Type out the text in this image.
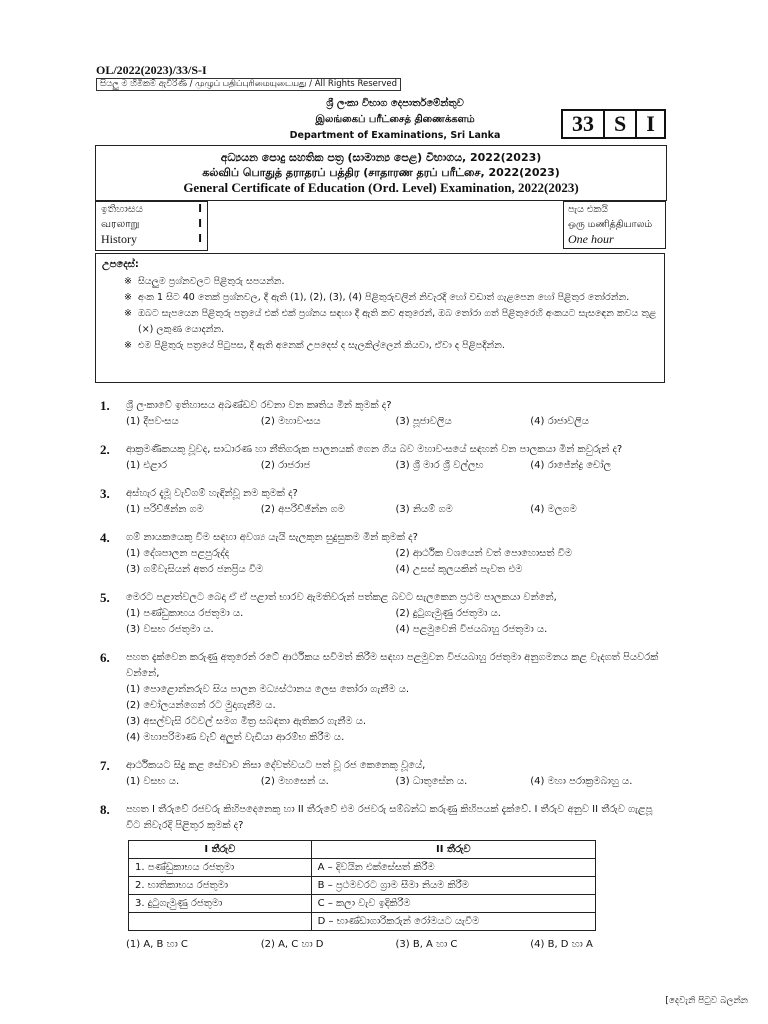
OL/2022(2023)/33/S-I
සියලු ම හිමිකම් ඇවිරිණි / முழுப் பதிப்புரிமையுடையது / All Rights Reserved
ශ්‍රී ලංකා විභාග දෙපාර්තමේන්තුව
இலங்கைப் பரீட்சைத் திணைக்களம்
Department of Examinations, Sri Lanka	33 S I
අධ්‍යයන පොදු සහතික පත්‍ර (සාමාන්‍ය පෙළ) විභාගය, 2022(2023)
கல்விப் பொதுத் தராதரப் பத்திர (சாதாரண தரப் பரீட்சை, 2022(2023)
General Certificate of Education (Ord. Level) Examination, 2022(2023)
ඉතිහාසය	I
வரலாறு	I
History	I
පැය එකයි
ஒரு மணித்தியாலம்
One hour
උපදෙස්:
※ සියලුම ප්‍රශ්නවලට පිළිතුරු සපයන්න.
※ අංක 1 සිට 40 තෙක් ප්‍රශ්නවල, දී ඇති (1), (2), (3), (4) පිළිතුරුවලින් නිවැරදි හෝ වඩාත් ගැළපෙන හෝ පිළිතුර තෝරන්න.
※ ඔබට සැපයෙන පිළිතුරු පත්‍රයේ එක් එක් ප්‍රශ්නය සඳහා දී ඇති කව අතුරෙන්, ඔබ තෝරා ගත් පිළිතුරෙහි අංකයට සැසඳෙන කවය තුළ (×) ලකුණ යොදන්න.
※ එම පිළිතුරු පත්‍රයේ පිටුපස, දී ඇති අනෙක් උපදෙස් ද සැලකිල්ලෙන් කියවා, ඒවා ද පිළිපදින්න.
1.	ශ්‍රී ලංකාවේ ඉතිහාසය අඛණ්ඩව රචනා වන කෘතිය මින් කුමක් ද?
(1) දීපවංසය	(2) මහාවංසය	(3) පූජාවලිය	(4) රාජාවලිය
2.	ආක්‍රමණිකයකු වූවද, සාධාරණ හා නීතිගරුක පාලනයක් ගෙන ගිය බව මහාවංසයේ සඳහන් වන පාලකයා මින් කවුරුන් ද?
(1) එළාර	(2) රාජරාජ	(3) ශ්‍රී මාර ශ්‍රී වල්ලභ	(4) රාජේන්ද්‍ර චෝල
3.	අස්හැර දැමූ වැව්ගම් හැඳින්වූ නම කුමක් ද?
(1) පරිච්ඡින්න ගම	(2) අපරිච්ඡින්න ගම	(3) නියම් ගම	(4) මලගම
4.	ගම් නායකයෙකු වීම සඳහා අවශ්‍ය යැයි සැලකුන සුදුසුකම මින් කුමක් ද?
(1) දේශපාලන පළපුරුද්ද	(2) ආර්ථික වශයෙන් වත් පොහොසත් වීම
(3) ගම්වැසියන් අතර ජනප්‍රිය වීම	(4) උසස් කුලයකින් පැවත එම
5.	මෙරට පළාත්වලට බෙදා ඒ ඒ පළාත් භාරව ඇමතිවරුන් පත්කළ බවට සැලකෙන ප්‍රථම පාලකයා වන්නේ,
(1) පණ්ඩුකාභය රජතුමා ය.	(2) දුටුගැමුණු රජතුමා ය.
(3) වසභ රජතුමා ය.	(4) පළමුවෙනි විජයබාහු රජතුමා ය.
6.	පහත දැක්වෙන කරුණු අතුරෙන් රටේ ආර්ථිකය සවිමත් කිරීම සඳහා පළමුවන විජයබාහු රජතුමා අනුගමනය කළ වැදගත් පියවරක් වන්නේ,
(1) පොළොන්නරුව සිය පාලන මධ්‍යස්ථානය ලෙස තෝරා ගැනීම ය.
(2) චෝලයන්ගෙන් රට මුදාගැනීම ය.
(3) අසල්වැසි රටවල් සමග මිත්‍ර සබඳතා ඇතිකර ගැනීම ය.
(4) මහාපරිමාණ වැව් අලුත් වැඩියා ආරම්භ කිරීම ය.
7.	ආර්ථිකයට සිදු කළ සේවාව නිසා දේවත්වයට පත් වූ රජ කෙනෙකු වූයේ,
(1) වසභ ය.	(2) මහසෙන් ය.	(3) ධාතුසේන ය.	(4) මහා පරාක්‍රමබාහු ය.
8.	පහත I තීරුවේ රජවරු කිහිපදෙනෙකු හා II තීරුවේ එම රජවරු සම්බන්ධ කරුණු කිහිපයක් දැක්වේ. I තීරුව අනුව II තීරුව ගැළපූ විට නිවැරදි පිළිතුර කුමක් ද?
I තීරුව	II තීරුව
1. පණ්ඩුකාභය රජතුමා	A – දිවයින එක්සේසත් කිරීම
2. භාතිකාභය රජතුමා	B – ප්‍රථමවරට ග්‍රාම සීමා නියම කිරීම
3. දුටුගැමුණු රජතුමා	C – කලා වැව ඉදිකිරීම
	D – භාණ්ඩාගාරිකරුන් රෝමයට යැවීම
(1) A, B හා C	(2) A, C හා D	(3) B, A හා C	(4) B, D හා A
[දෙවැනි පිටුව බලන්න
